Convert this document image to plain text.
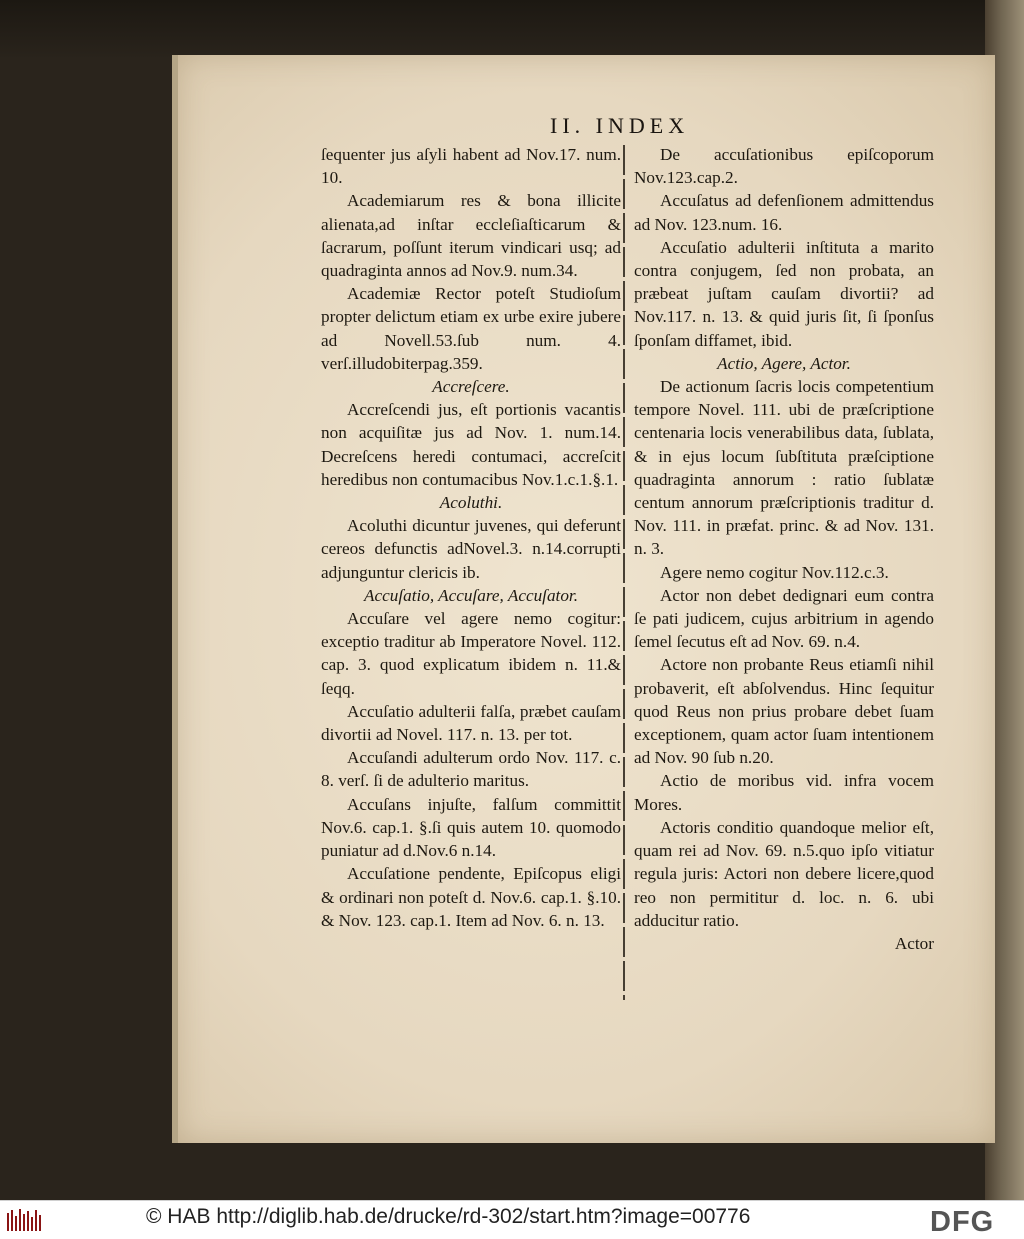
II. INDEX

ſequenter jus aſyli habent ad Nov.17. num. 10.

Academiarum res & bona illicite alienata,ad inſtar eccleſiaſticarum & ſacrarum, poſſunt iterum vindicari usq; ad quadraginta annos ad Nov.9. num.34.

Academiæ Rector poteſt Studioſum propter delictum etiam ex urbe exire jubere ad Novell.53.ſub num. 4. verſ.illudobiterpag.359.

Accreſcere.

Accreſcendi jus, eſt portionis vacantis non acquiſitæ jus ad Nov. 1. num.14. Decreſcens heredi contumaci, accreſcit heredibus non contumacibus Nov.1.c.1.§.1.

Acoluthi.

Acoluthi dicuntur juvenes, qui deferunt cereos defunctis adNovel.3. n.14.corrupti adjunguntur clericis ib.

Accuſatio, Accuſare, Accuſator.

Accuſare vel agere nemo cogitur: exceptio traditur ab Imperatore Novel. 112. cap. 3. quod explicatum ibidem n. 11.& ſeqq.

Accuſatio adulterii falſa, præbet cauſam divortii ad Novel. 117. n. 13. per tot.

Accuſandi adulterum ordo Nov. 117. c. 8. verſ. ſi de adulterio maritus.

Accuſans injuſte, falſum committit Nov.6. cap.1. §.ſi quis autem 10. quomodo puniatur ad d.Nov.6 n.14.

Accuſatione pendente, Epiſcopus eligi & ordinari non poteſt d. Nov.6. cap.1. §.10. & Nov. 123. cap.1. Item ad Nov. 6. n. 13.

De accuſationibus epiſcoporum Nov.123.cap.2.

Accuſatus ad defenſionem admittendus ad Nov. 123.num. 16.

Accuſatio adulterii inſtituta a marito contra conjugem, ſed non probata, an præbeat juſtam cauſam divortii? ad Nov.117. n. 13. & quid juris ſit, ſi ſponſus ſponſam diffamet, ibid.

Actio, Agere, Actor.

De actionum ſacris locis competentium tempore Novel. 111. ubi de præſcriptione centenaria locis venerabilibus data, ſublata, & in ejus locum ſubſtituta præſciptione quadraginta annorum : ratio ſublatæ centum annorum præſcriptionis traditur d. Nov. 111. in præfat. princ. & ad Nov. 131. n. 3.

Agere nemo cogitur Nov.112.c.3.

Actor non debet dedignari eum contra ſe pati judicem, cujus arbitrium in agendo ſemel ſecutus eſt ad Nov. 69. n.4.

Actore non probante Reus etiamſi nihil probaverit, eſt abſolvendus. Hinc ſequitur quod Reus non prius probare debet ſuam exceptionem, quam actor ſuam intentionem ad Nov. 90 ſub n.20.

Actio de moribus vid. infra vocem Mores.

Actoris conditio quandoque melior eſt, quam rei ad Nov. 69. n.5.quo ipſo vitiatur regula juris: Actori non debere licere,quod reo non permititur d. loc. n. 6. ubi adducitur ratio.

Actor

© HAB http://diglib.hab.de/drucke/rd-302/start.htm?image=00776	DFG
